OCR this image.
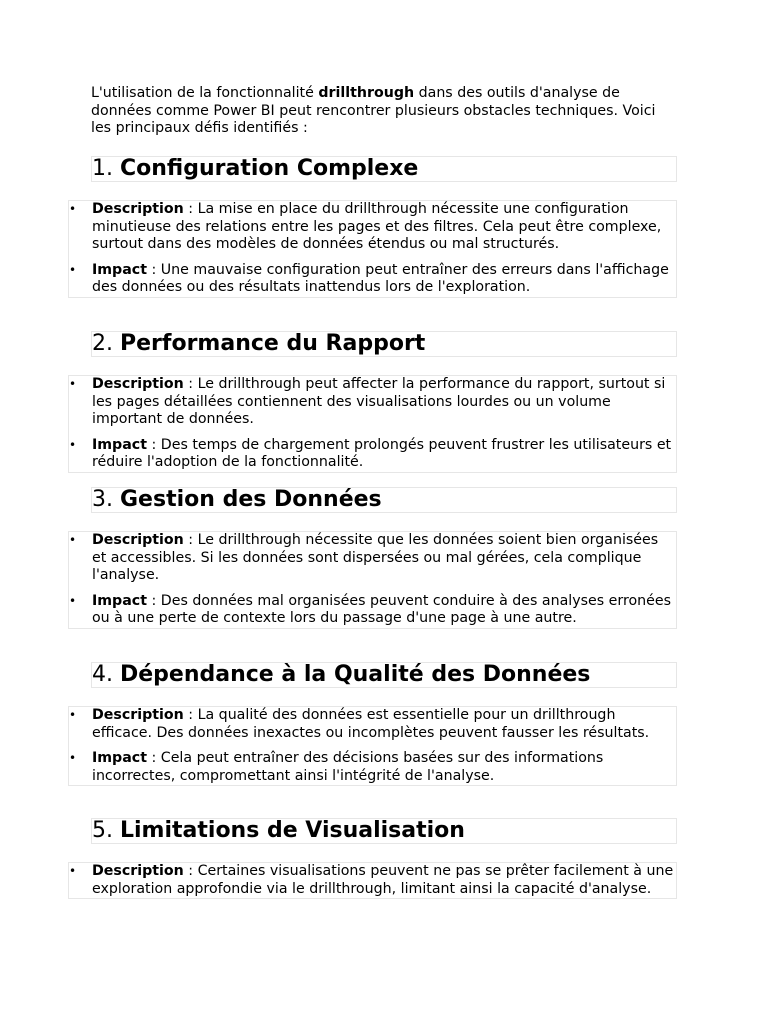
L'utilisation de la fonctionnalité drillthrough dans des outils d'analyse de données comme Power BI peut rencontrer plusieurs obstacles techniques. Voici les principaux défis identifiés :
1. Configuration Complexe

• Description : La mise en place du drillthrough nécessite une configuration minutieuse des relations entre les pages et des filtres. Cela peut être complexe, surtout dans des modèles de données étendus ou mal structurés.

• Impact : Une mauvaise configuration peut entraîner des erreurs dans l'affichage des données ou des résultats inattendus lors de l'exploration.

2. Performance du Rapport

• Description : Le drillthrough peut affecter la performance du rapport, surtout si les pages détaillées contiennent des visualisations lourdes ou un volume important de données.

• Impact : Des temps de chargement prolongés peuvent frustrer les utilisateurs et réduire l'adoption de la fonctionnalité.

3. Gestion des Données

• Description : Le drillthrough nécessite que les données soient bien organisées et accessibles. Si les données sont dispersées ou mal gérées, cela complique l'analyse.

• Impact : Des données mal organisées peuvent conduire à des analyses erronées ou à une perte de contexte lors du passage d'une page à une autre.

4. Dépendance à la Qualité des Données

• Description : La qualité des données est essentielle pour un drillthrough efficace. Des données inexactes ou incomplètes peuvent fausser les résultats.

• Impact : Cela peut entraîner des décisions basées sur des informations incorrectes, compromettant ainsi l'intégrité de l'analyse.

5. Limitations de Visualisation

• Description : Certaines visualisations peuvent ne pas se prêter facilement à une exploration approfondie via le drillthrough, limitant ainsi la capacité d'analyse.
